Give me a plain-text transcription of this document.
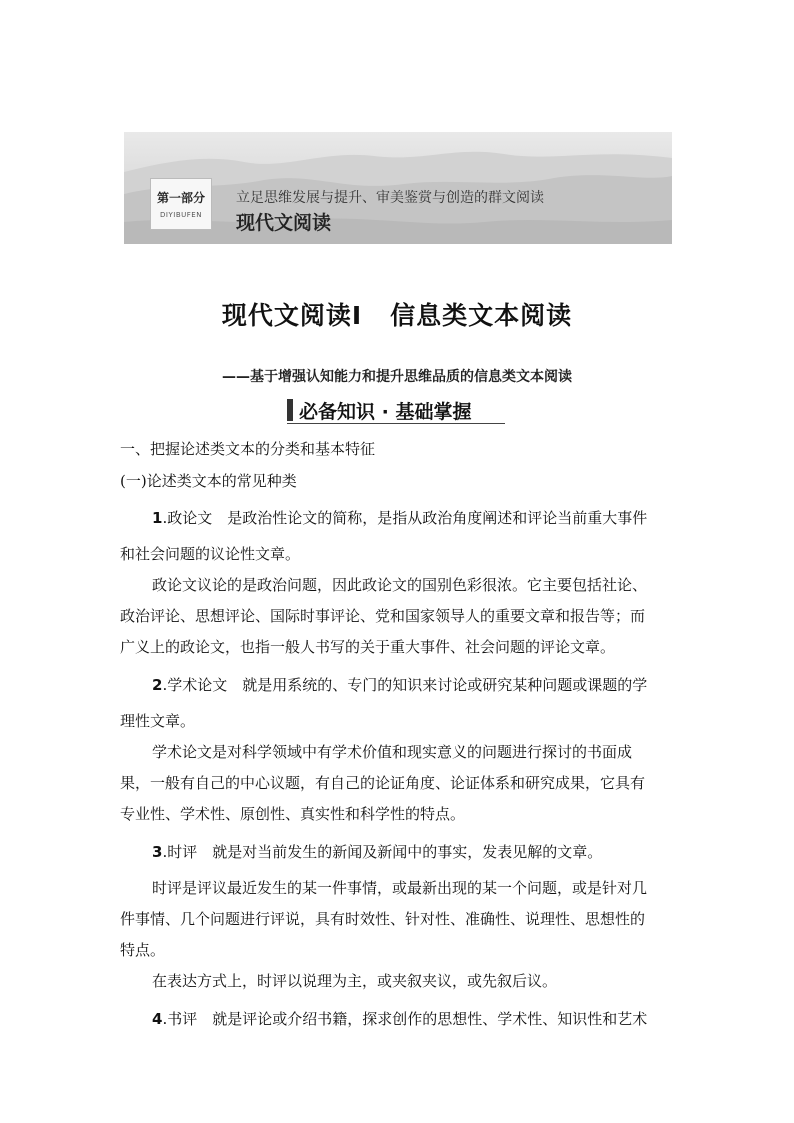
第一部分
DIYIBUFEN
立足思维发展与提升、审美鉴赏与创造的群文阅读
现代文阅读
现代文阅读Ⅰ 信息类文本阅读
——基于增强认知能力和提升思维品质的信息类文本阅读
必备知识 · 基础掌握
一、把握论述类文本的分类和基本特征
(一)论述类文本的常见种类
1.政论文　是政治性论文的简称，是指从政治角度阐述和评论当前重大事件
和社会问题的议论性文章。
政论文议论的是政治问题，因此政论文的国别色彩很浓。它主要包括社论、
政治评论、思想评论、国际时事评论、党和国家领导人的重要文章和报告等；而
广义上的政论文，也指一般人书写的关于重大事件、社会问题的评论文章。
2.学术论文　就是用系统的、专门的知识来讨论或研究某种问题或课题的学
理性文章。
学术论文是对科学领域中有学术价值和现实意义的问题进行探讨的书面成
果，一般有自己的中心议题，有自己的论证角度、论证体系和研究成果，它具有
专业性、学术性、原创性、真实性和科学性的特点。
3.时评　就是对当前发生的新闻及新闻中的事实，发表见解的文章。
时评是评议最近发生的某一件事情，或最新出现的某一个问题，或是针对几
件事情、几个问题进行评说，具有时效性、针对性、准确性、说理性、思想性的
特点。
在表达方式上，时评以说理为主，或夹叙夹议，或先叙后议。
4.书评　就是评论或介绍书籍，探求创作的思想性、学术性、知识性和艺术
